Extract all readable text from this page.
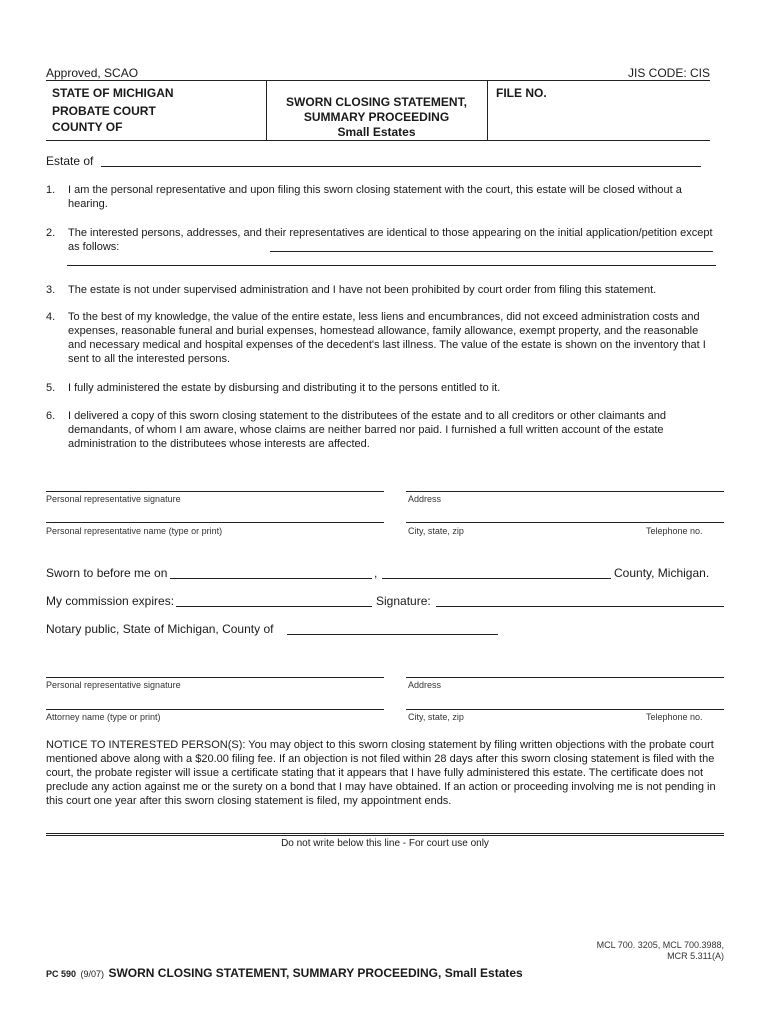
Approved, SCAO	JIS CODE: CIS
STATE OF MICHIGAN
PROBATE COURT
COUNTY OF
SWORN CLOSING STATEMENT,
SUMMARY PROCEEDING
Small Estates
FILE NO.
Estate of
1. I am the personal representative and upon filing this sworn closing statement with the court, this estate will be closed without a hearing.
2. The interested persons, addresses, and their representatives are identical to those appearing on the initial application/petition except as follows:
3. The estate is not under supervised administration and I have not been prohibited by court order from filing this statement.
4. To the best of my knowledge, the value of the entire estate, less liens and encumbrances, did not exceed administration costs and expenses, reasonable funeral and burial expenses, homestead allowance, family allowance, exempt property, and the reasonable and necessary medical and hospital expenses of the decedent's last illness. The value of the estate is shown on the inventory that I sent to all the interested persons.
5. I fully administered the estate by disbursing and distributing it to the persons entitled to it.
6. I delivered a copy of this sworn closing statement to the distributees of the estate and to all creditors or other claimants and demandants, of whom I am aware, whose claims are neither barred nor paid. I furnished a full written account of the estate administration to the distributees whose interests are affected.
Personal representative signature	Address
Personal representative name (type or print)	City, state, zip	Telephone no.
Sworn to before me on	,	County, Michigan.
My commission expires:	Signature:
Notary public, State of Michigan, County of
Personal representative signature	Address
Attorney name (type or print)	City, state, zip	Telephone no.
NOTICE TO INTERESTED PERSON(S): You may object to this sworn closing statement by filing written objections with the probate court mentioned above along with a $20.00 filing fee. If an objection is not filed within 28 days after this sworn closing statement is filed with the court, the probate register will issue a certificate stating that it appears that I have fully administered this estate. The certificate does not preclude any action against me or the surety on a bond that I may have obtained. If an action or proceeding involving me is not pending in this court one year after this sworn closing statement is filed, my appointment ends.
Do not write below this line - For court use only
MCL 700. 3205, MCL 700.3988,
MCR 5.311(A)
PC 590 (9/07) SWORN CLOSING STATEMENT, SUMMARY PROCEEDING, Small Estates
